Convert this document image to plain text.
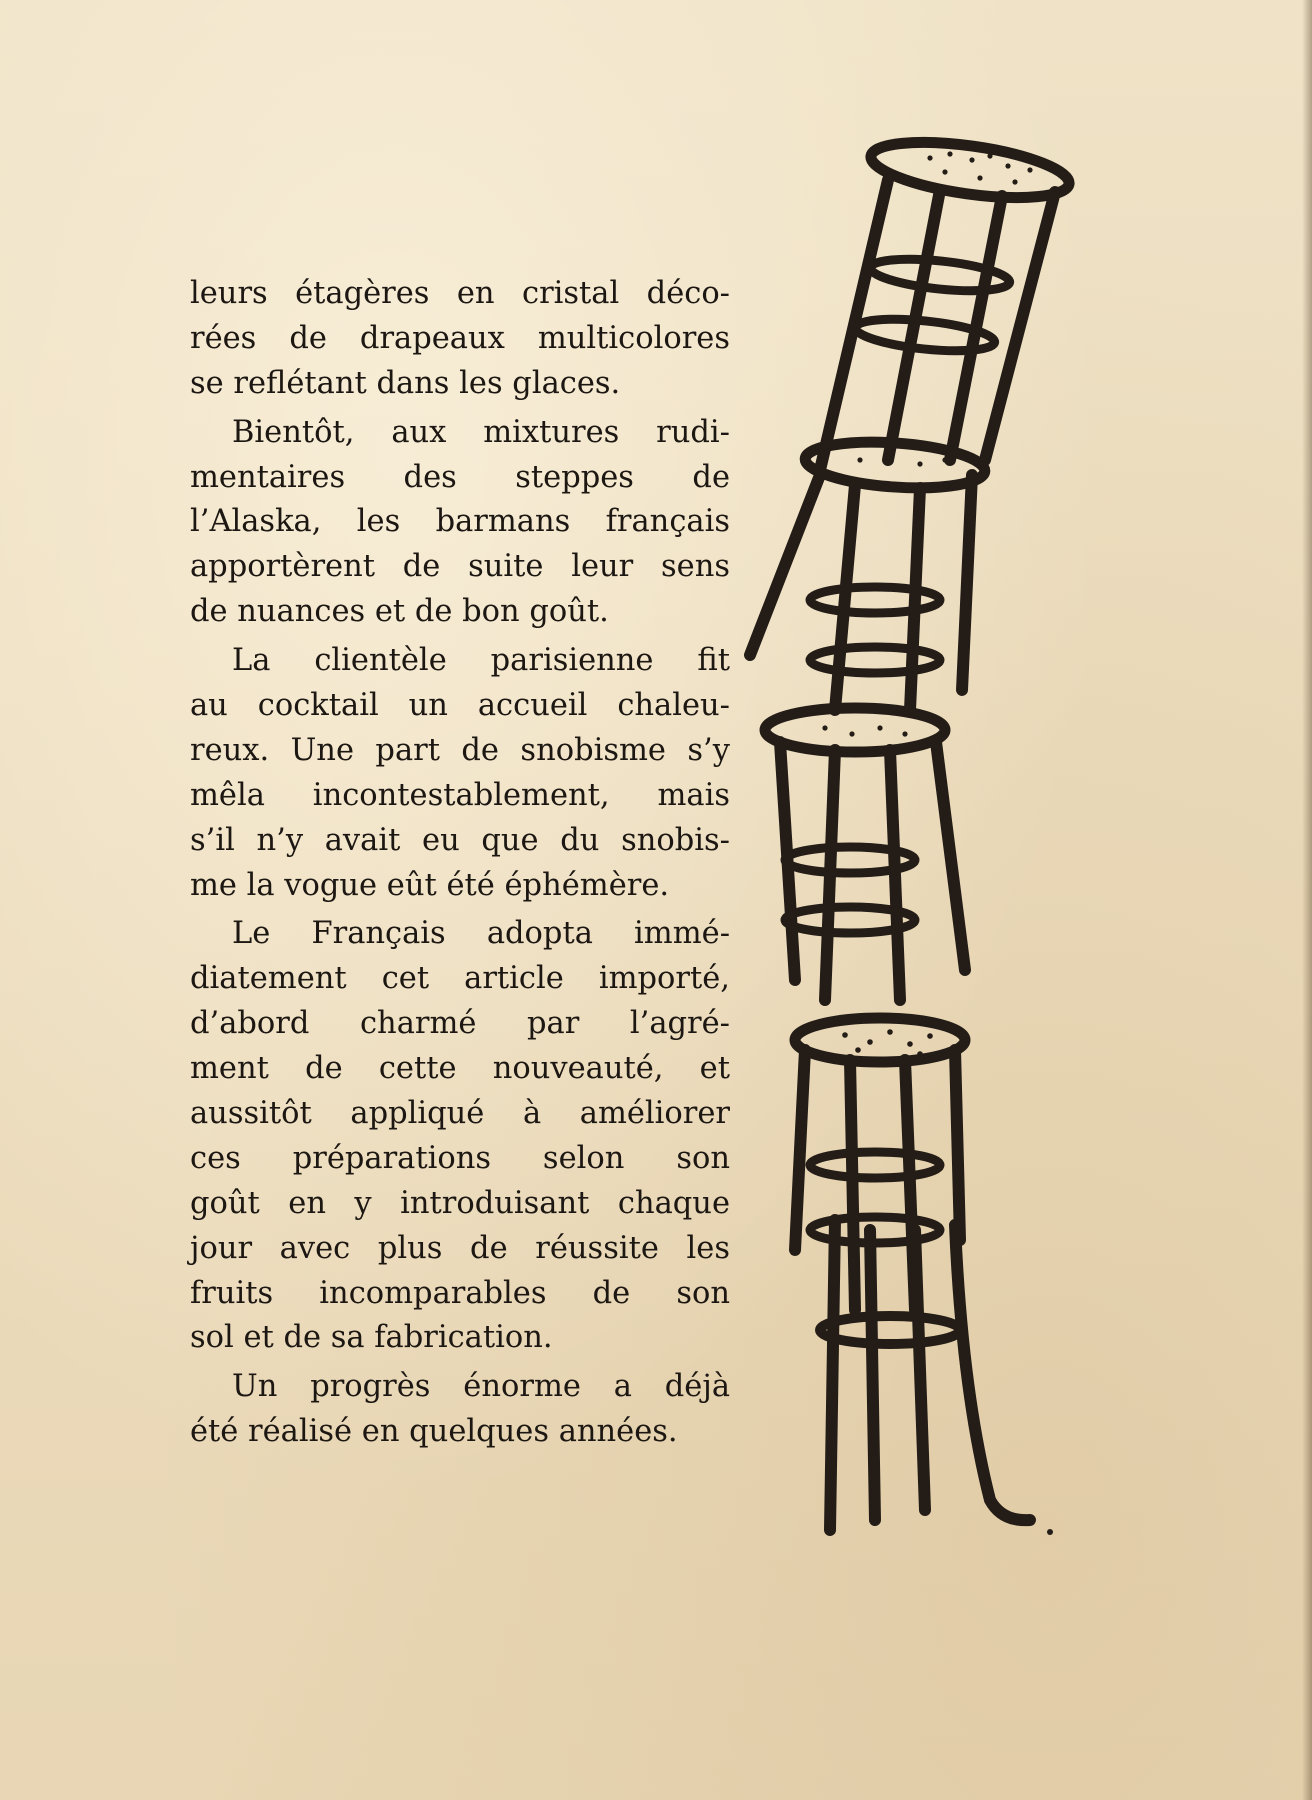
leurs étagères en cristal déco-
rées de drapeaux multicolores
se reflétant dans les glaces.
Bientôt, aux mixtures rudi-
mentaires des steppes de
l’Alaska, les barmans français
apportèrent de suite leur sens
de nuances et de bon goût.
La clientèle parisienne fit
au cocktail un accueil chaleu-
reux. Une part de snobisme s’y
mêla incontestablement, mais
s’il n’y avait eu que du snobis-
me la vogue eût été éphémère.
Le Français adopta immé-
diatement cet article importé,
d’abord charmé par l’agré-
ment de cette nouveauté, et
aussitôt appliqué à améliorer
ces préparations selon son
goût en y introduisant chaque
jour avec plus de réussite les
fruits incomparables de son
sol et de sa fabrication.
Un progrès énorme a déjà
été réalisé en quelques années.
